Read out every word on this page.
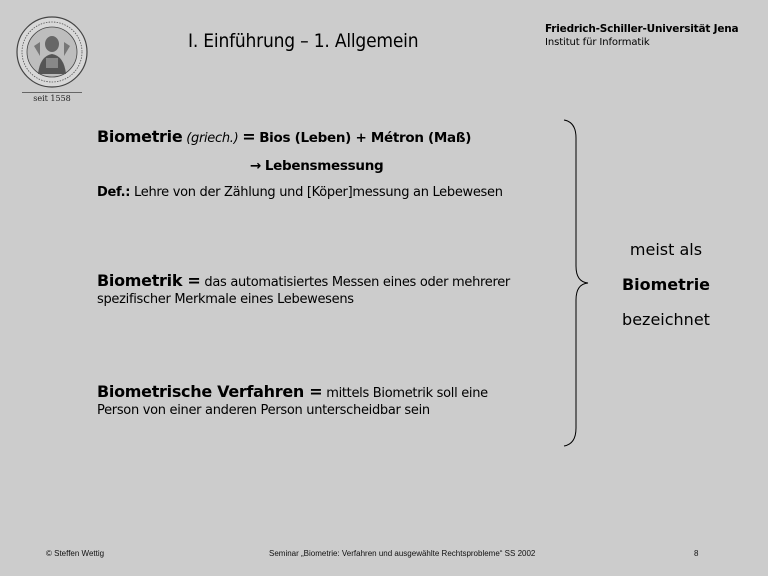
seit 1558
I. Einführung – 1. Allgemein
Friedrich-Schiller-Universität Jena
Institut für Informatik
Biometrie (griech.) = Bios (Leben) + Métron (Maß)
→ Lebensmessung
Def.: Lehre von der Zählung und [Köper]messung an Lebewesen
Biometrik = das automatisiertes Messen eines oder mehrerer
spezifischer Merkmale eines Lebewesens
Biometrische Verfahren = mittels Biometrik soll eine
Person von einer anderen Person unterscheidbar sein
meist als
Biometrie
bezeichnet
© Steffen Wettig	Seminar „Biometrie: Verfahren und ausgewählte Rechtsprobleme“ SS 2002	8
